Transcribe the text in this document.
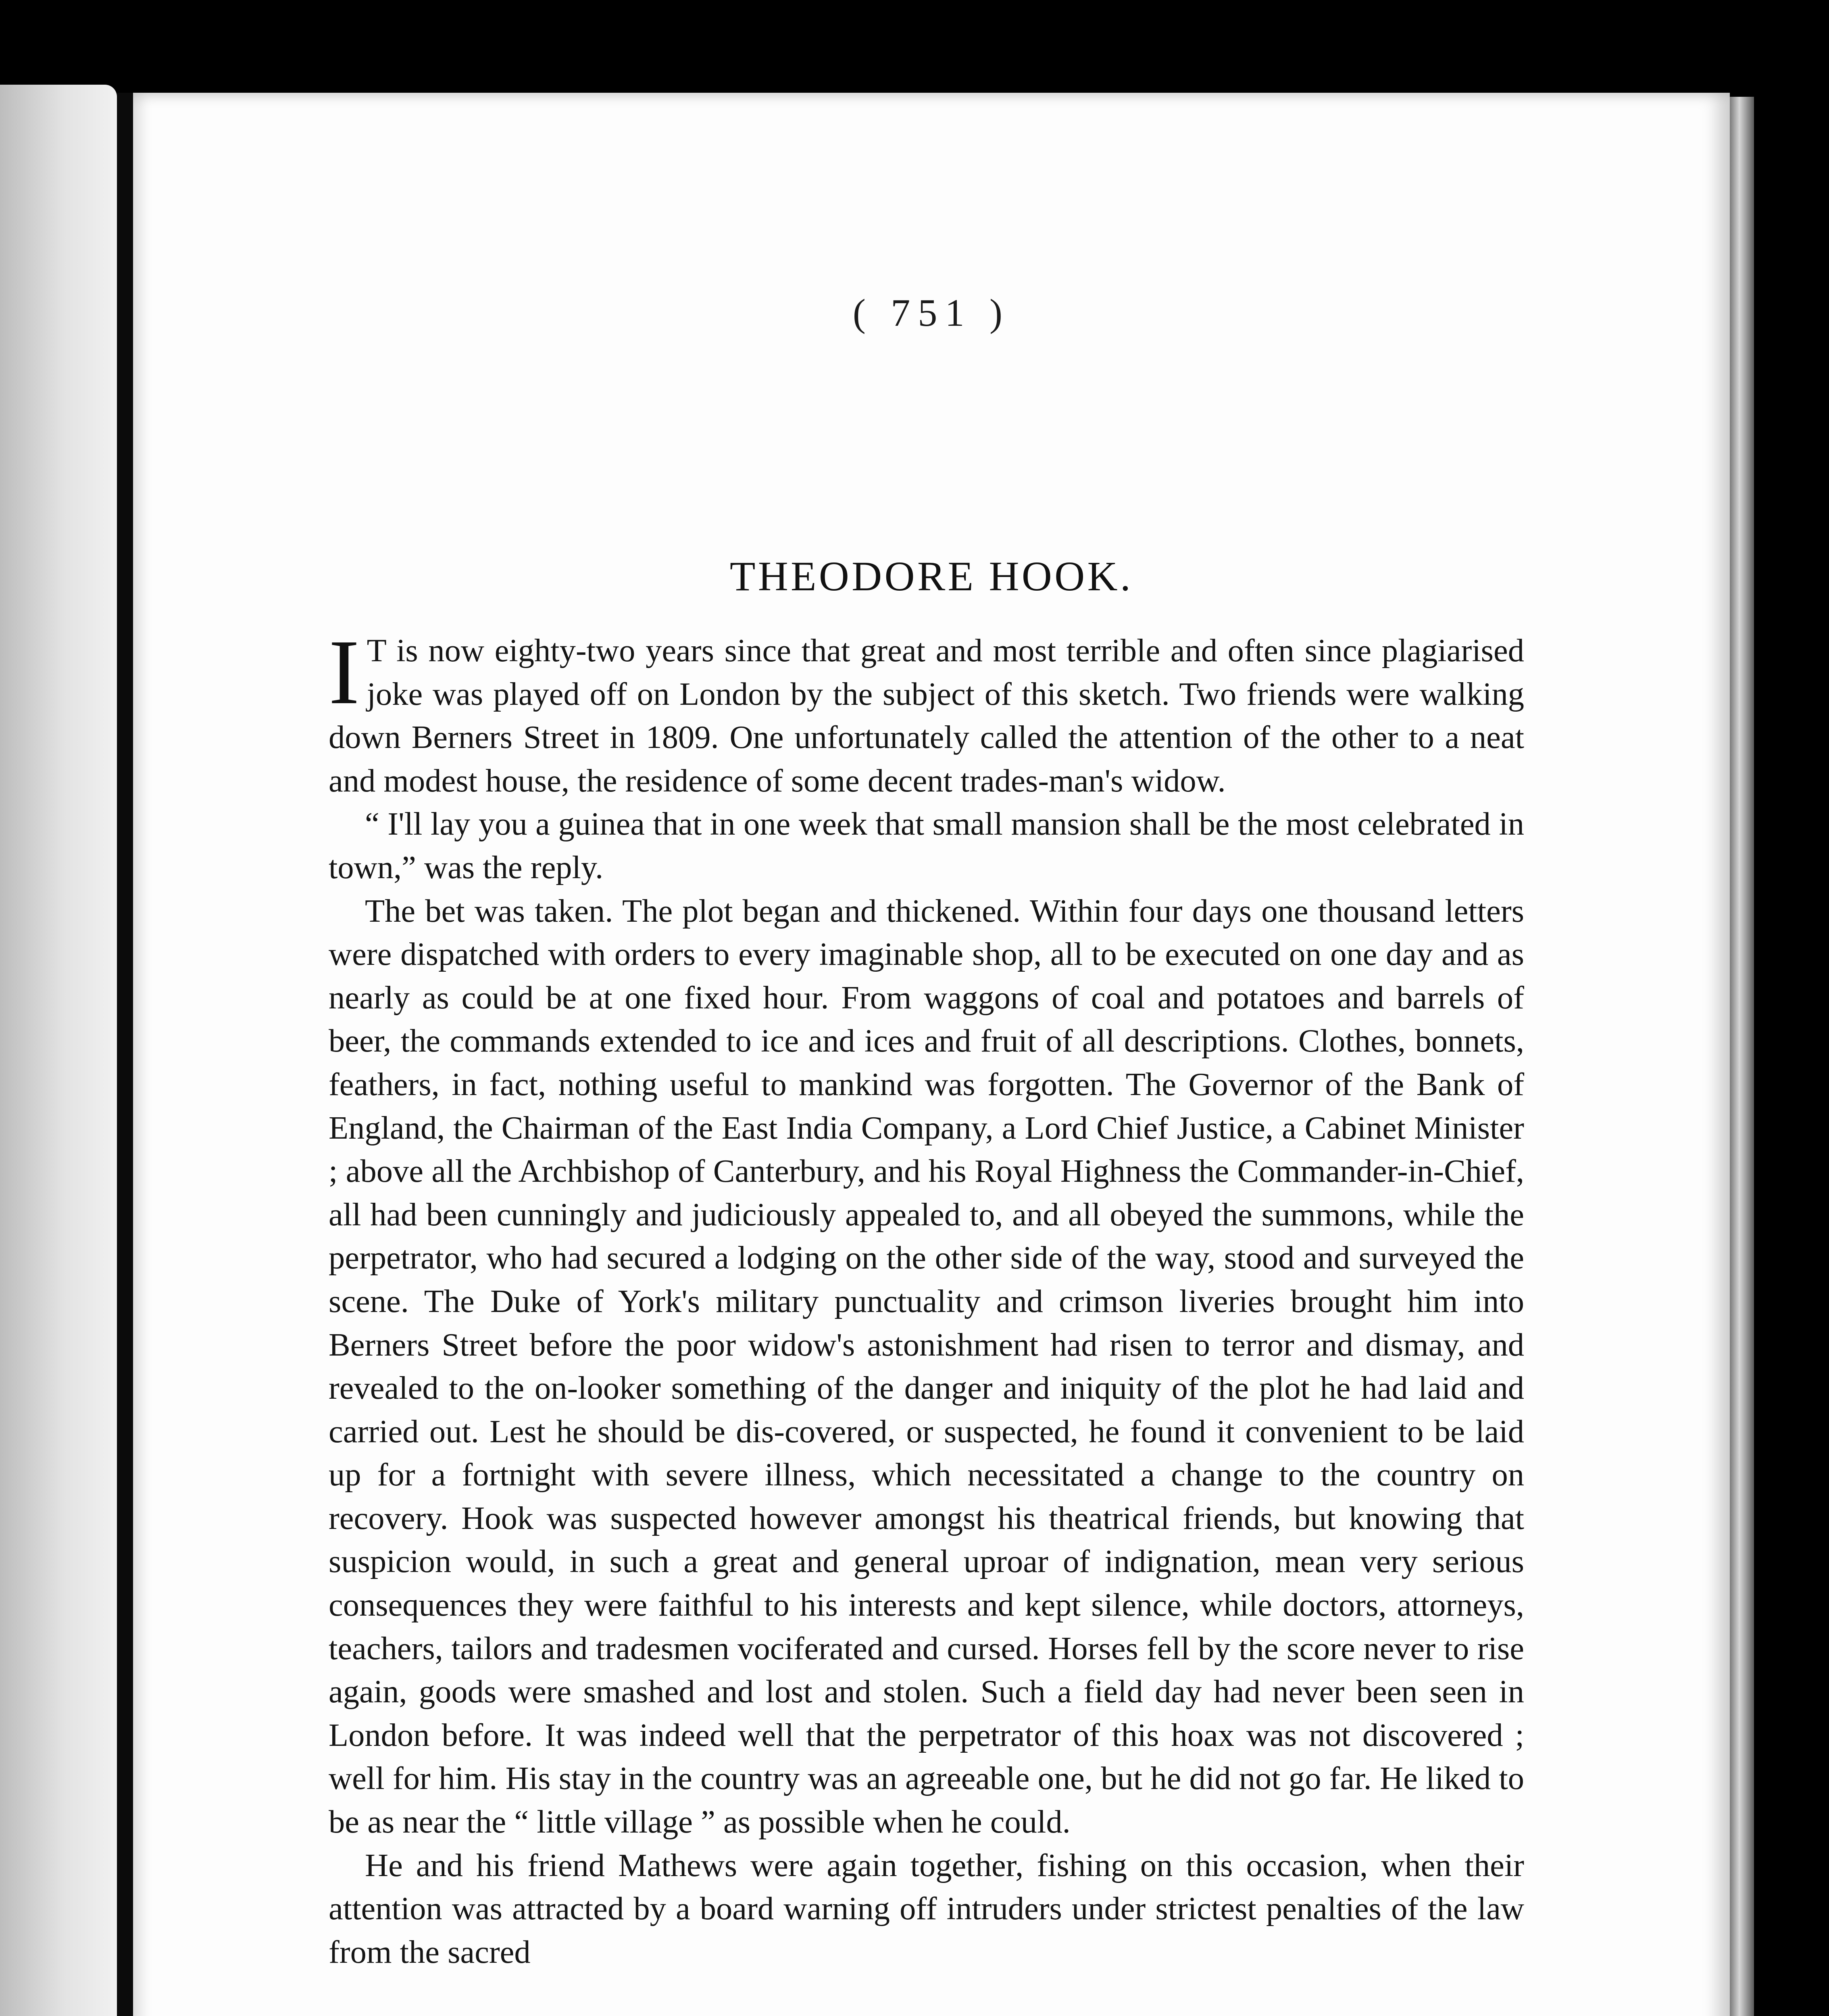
( 751 )
THEODORE HOOK.

I T is now eighty-two years since that great and most terrible and often since plagiarised joke was played off on London by the subject of this sketch. Two friends were walking down Berners Street in 1809. One unfortunately called the attention of the other to a neat and modest house, the residence of some decent trades-man's widow.

“ I'll lay you a guinea that in one week that small mansion shall be the most celebrated in town,” was the reply.

The bet was taken. The plot began and thickened. Within four days one thousand letters were dispatched with orders to every imaginable shop, all to be executed on one day and as nearly as could be at one fixed hour. From waggons of coal and potatoes and barrels of beer, the commands extended to ice and ices and fruit of all descriptions. Clothes, bonnets, feathers, in fact, nothing useful to mankind was forgotten. The Governor of the Bank of England, the Chairman of the East India Company, a Lord Chief Justice, a Cabinet Minister ; above all the Archbishop of Canterbury, and his Royal Highness the Commander-in-Chief, all had been cunningly and judiciously appealed to, and all obeyed the summons, while the perpetrator, who had secured a lodging on the other side of the way, stood and surveyed the scene. The Duke of York's military punctuality and crimson liveries brought him into Berners Street before the poor widow's astonishment had risen to terror and dismay, and revealed to the on-looker something of the danger and iniquity of the plot he had laid and carried out. Lest he should be dis-covered, or suspected, he found it convenient to be laid up for a fortnight with severe illness, which necessitated a change to the country on recovery. Hook was suspected however amongst his theatrical friends, but knowing that suspicion would, in such a great and general uproar of indignation, mean very serious consequences they were faithful to his interests and kept silence, while doctors, attorneys, teachers, tailors and tradesmen vociferated and cursed. Horses fell by the score never to rise again, goods were smashed and lost and stolen. Such a field day had never been seen in London before. It was indeed well that the perpetrator of this hoax was not discovered ; well for him. His stay in the country was an agreeable one, but he did not go far. He liked to be as near the “ little village ” as possible when he could.

He and his friend Mathews were again together, fishing on this occasion, when their attention was attracted by a board warning off intruders under strictest penalties of the law from the sacred
